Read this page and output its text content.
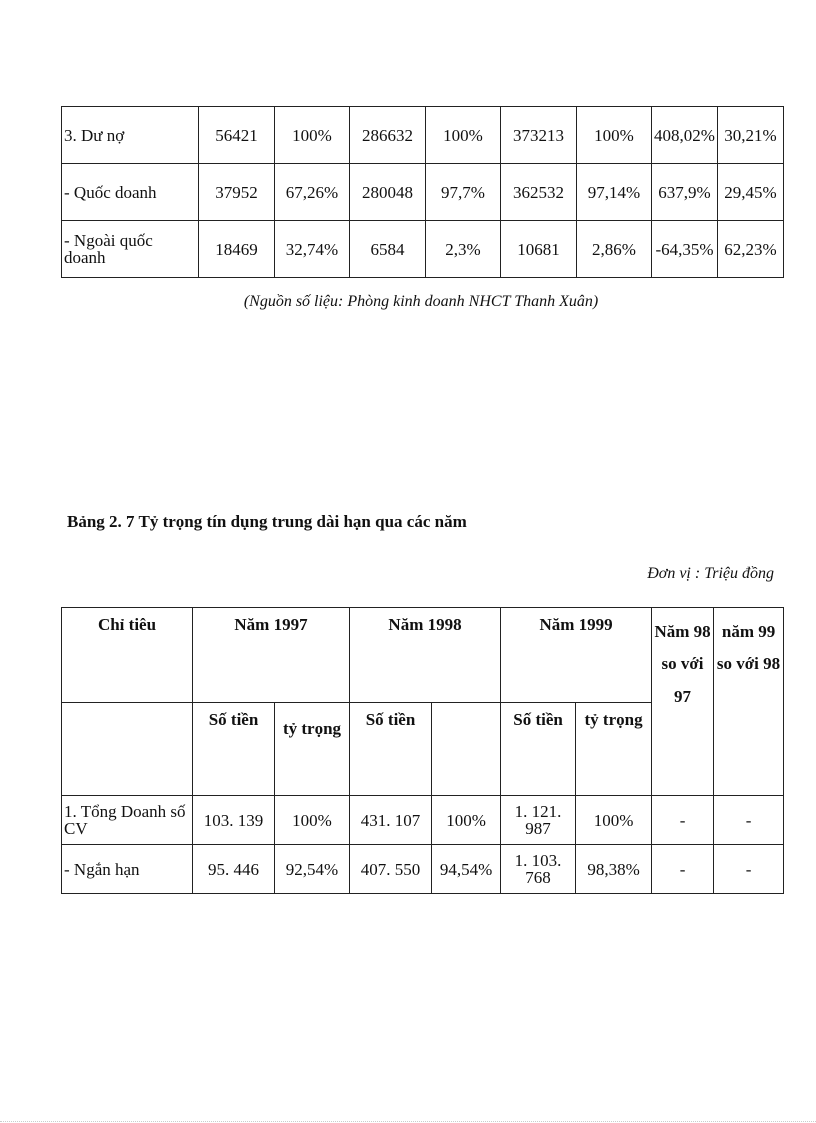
3. Dư nợ	56421	100%	286632	100%	373213	100%	408,02%	30,21%
- Quốc doanh	37952	67,26%	280048	97,7%	362532	97,14%	637,9%	29,45%
- Ngoài quốc doanh	18469	32,74%	6584	2,3%	10681	2,86%	-64,35%	62,23%
(Nguồn số liệu: Phòng kinh doanh NHCT Thanh Xuân)
Bảng 2. 7 Tỷ trọng tín dụng trung dài hạn qua các năm
Đơn vị : Triệu đồng
Chỉ tiêu	Năm 1997		Năm 1998		Năm 1999		Năm 98 so với 97	năm 99 so với 98
	Số tiền	tỷ trọng	Số tiền		Số tiền	tỷ trọng		
1. Tổng Doanh số CV	103. 139	100%	431. 107	100%	1. 121. 987	100%	-	-
- Ngắn hạn	95. 446	92,54%	407. 550	94,54%	1. 103. 768	98,38%	-	-
